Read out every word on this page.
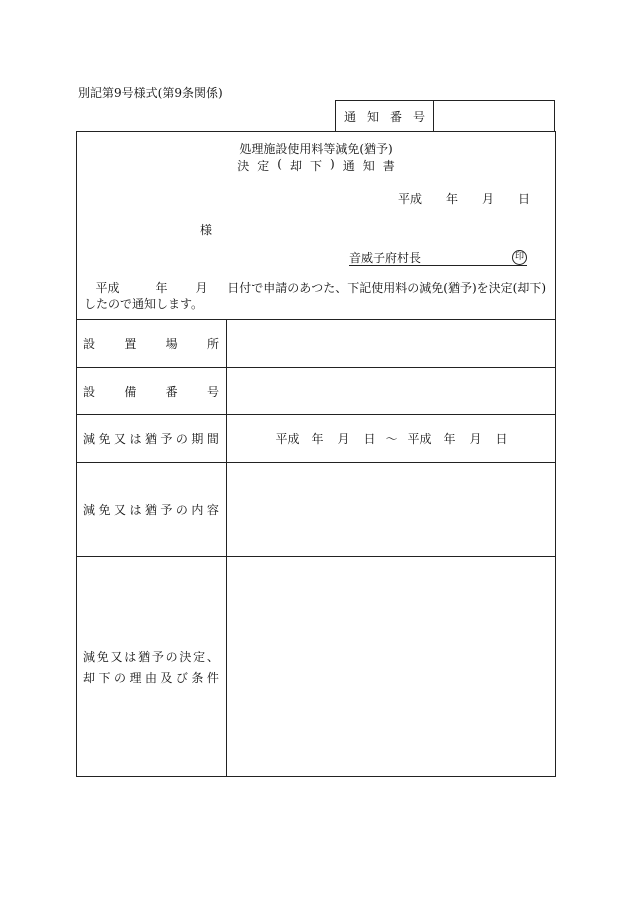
別記第9号様式(第9条関係)
通 知 番 号
処理施設使用料等減免(猶予)
決 定 ( 却 下 ) 通 知 書
平成	年	月	日
様
音威子府村長	印
平成	年 月 日付で申請のあつた、下記使用料の減免(猶予)を決定(却下)したので通知します。
設 置 場 所
設 備 番 号
減 免 又 は 猶 予 の 期 間	平成 年	月	日 〜 平成 年	月	日
減 免 又 は 猶 予 の 内 容
減 免 又 は 猶 予 の 決 定 、
却 下 の 理 由 及 び 条 件
